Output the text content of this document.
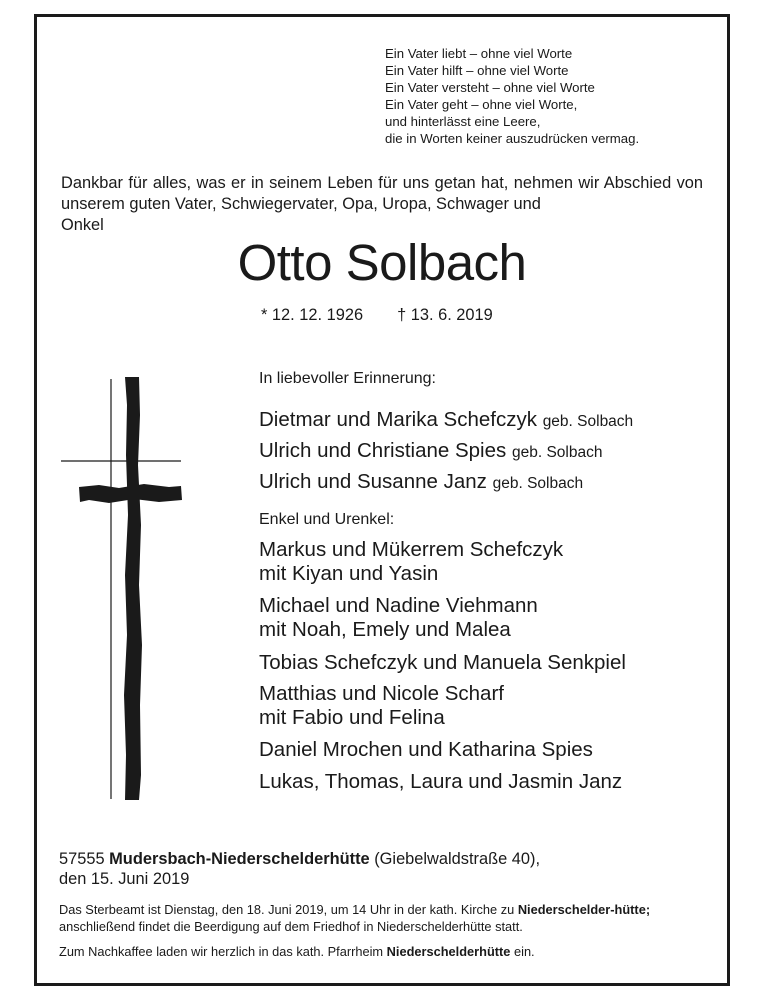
Ein Vater liebt – ohne viel Worte
Ein Vater hilft – ohne viel Worte
Ein Vater versteht – ohne viel Worte
Ein Vater geht – ohne viel Worte,
und hinterlässt eine Leere,
die in Worten keiner auszudrücken vermag.
Dankbar für alles, was er in seinem Leben für uns getan hat, nehmen wir Abschied von unserem guten Vater, Schwiegervater, Opa, Uropa, Schwager und
Onkel
Otto Solbach
* 12. 12. 1926 † 13. 6. 2019
In liebevoller Erinnerung:
Dietmar und Marika Schefczyk geb. Solbach
Ulrich und Christiane Spies geb. Solbach
Ulrich und Susanne Janz geb. Solbach
Enkel und Urenkel:
Markus und Mükerrem Schefczyk
mit Kiyan und Yasin
Michael und Nadine Viehmann
mit Noah, Emely und Malea
Tobias Schefczyk und Manuela Senkpiel
Matthias und Nicole Scharf
mit Fabio und Felina
Daniel Mrochen und Katharina Spies
Lukas, Thomas, Laura und Jasmin Janz
57555 Mudersbach-Niederschelderhütte (Giebelwaldstraße 40),
den 15. Juni 2019
Das Sterbeamt ist Dienstag, den 18. Juni 2019, um 14 Uhr in der kath. Kirche zu Niederschelder-hütte; anschließend findet die Beerdigung auf dem Friedhof in Niederschelderhütte statt.
Zum Nachkaffee laden wir herzlich in das kath. Pfarrheim Niederschelderhütte ein.
